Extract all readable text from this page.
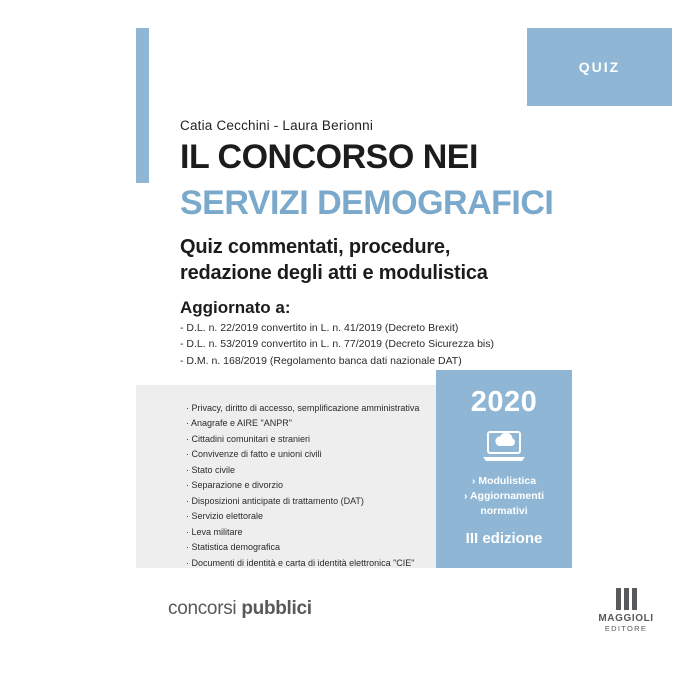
QUIZ
Catia Cecchini - Laura Berionni
IL CONCORSO NEI
SERVIZI DEMOGRAFICI
Quiz commentati, procedure,
redazione degli atti e modulistica
Aggiornato a:
- D.L. n. 22/2019 convertito in L. n. 41/2019 (Decreto Brexit)
- D.L. n. 53/2019 convertito in L. n. 77/2019 (Decreto Sicurezza bis)
- D.M. n. 168/2019 (Regolamento banca dati nazionale DAT)
· Privacy, diritto di accesso, semplificazione amministrativa
· Anagrafe e AIRE "ANPR"
· Cittadini comunitari e stranieri
· Convivenze di fatto e unioni civili
· Stato civile
· Separazione e divorzio
· Disposizioni anticipate di trattamento (DAT)
· Servizio elettorale
· Leva militare
· Statistica demografica
· Documenti di identità e carta di identità elettronica "CIE"
2020
› Modulistica
› Aggiornamenti
normativi
III edizione
concorsi pubblici	MAGGIOLI
EDITORE
